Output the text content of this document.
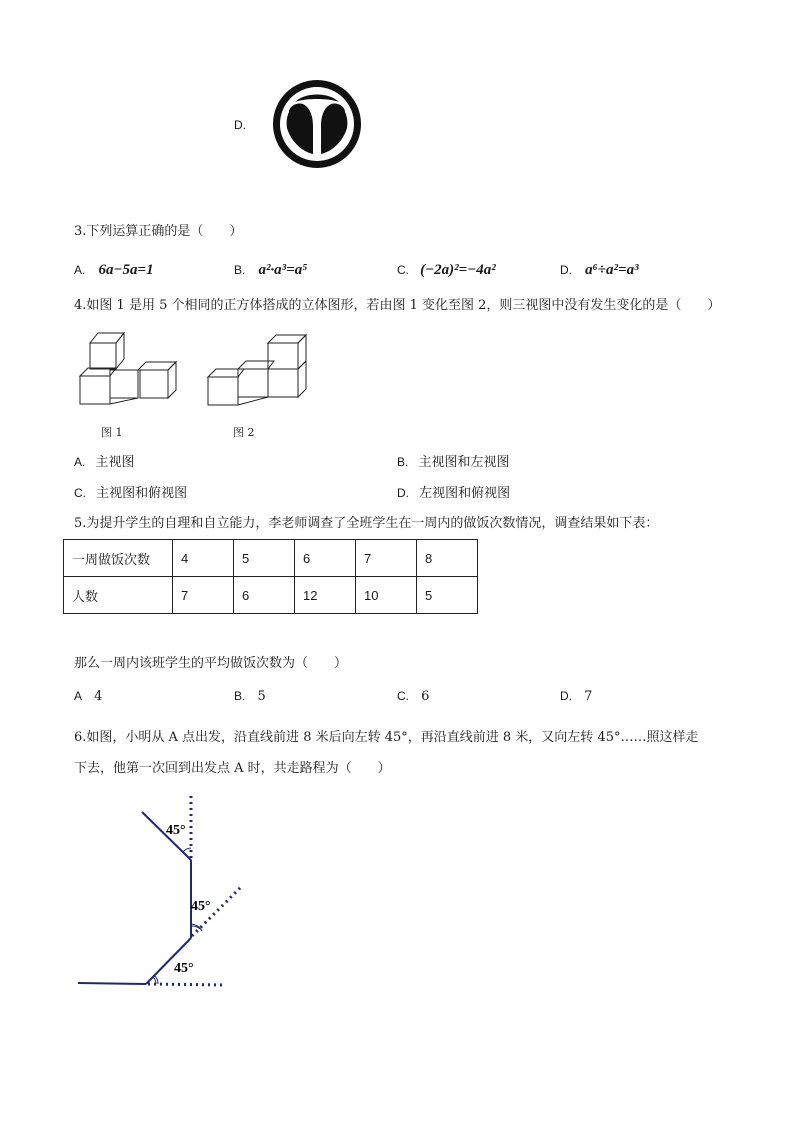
D.
3.下列运算正确的是（　　）
A. 6a−5a=1	B. a²·a³=a⁵	C. (−2a)²=−4a²	D. a⁶÷a²=a³
4.如图 1 是用 5 个相同的正方体搭成的立体图形，若由图 1 变化至图 2，则三视图中没有发生变化的是（　　）
图 1	图 2
A. 主视图	B. 主视图和左视图
C. 主视图和俯视图	D. 左视图和俯视图
5.为提升学生的自理和自立能力，李老师调查了全班学生在一周内的做饭次数情况，调查结果如下表：
一周做饭次数	4	5	6	7	8
人数	7	6	12	10	5
那么一周内该班学生的平均做饭次数为（　　）
A 4	B. 5	C. 6	D. 7
6.如图，小明从 A 点出发，沿直线前进 8 米后向左转 45°，再沿直线前进 8 米，又向左转 45°……照这样走
下去，他第一次回到出发点 A 时，共走路程为（　　）
45°
45°
45°
